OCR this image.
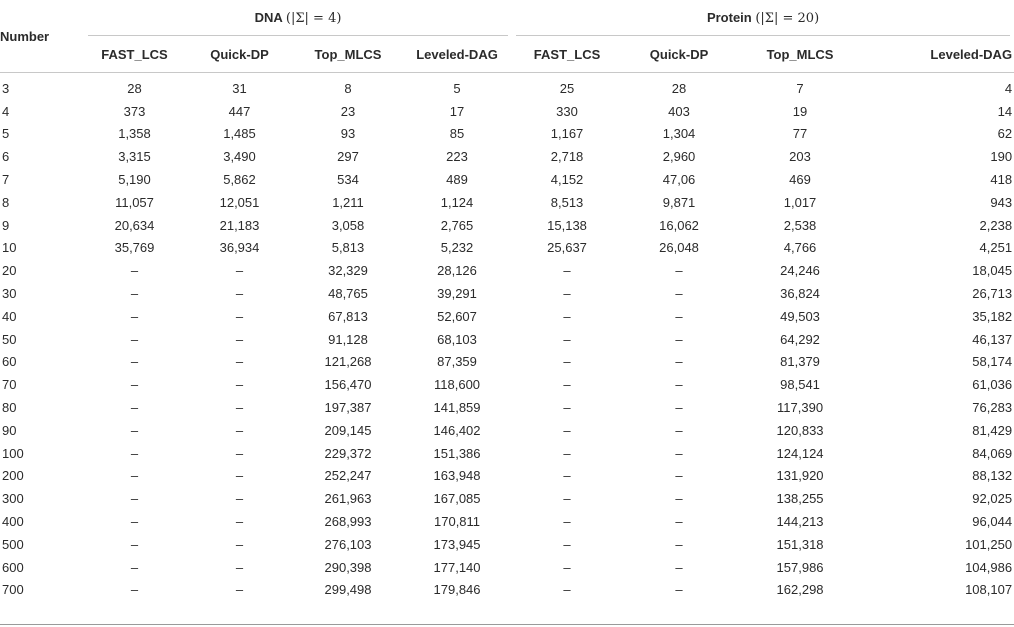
Number	DNA (|Σ| = 4)				Protein (|Σ| = 20)			

	FAST_LCS	Quick-DP	Top_MLCS	Leveled-DAG	FAST_LCS	Quick-DP	Top_MLCS	Leveled-DAG
3	28	31	8	5	25	28	7	4
4	373	447	23	17	330	403	19	14
5	1,358	1,485	93	85	1,167	1,304	77	62
6	3,315	3,490	297	223	2,718	2,960	203	190
7	5,190	5,862	534	489	4,152	47,06	469	418
8	11,057	12,051	1,211	1,124	8,513	9,871	1,017	943
9	20,634	21,183	3,058	2,765	15,138	16,062	2,538	2,238
10	35,769	36,934	5,813	5,232	25,637	26,048	4,766	4,251
20	–	–	32,329	28,126	–	–	24,246	18,045
30	–	–	48,765	39,291	–	–	36,824	26,713
40	–	–	67,813	52,607	–	–	49,503	35,182
50	–	–	91,128	68,103	–	–	64,292	46,137
60	–	–	121,268	87,359	–	–	81,379	58,174
70	–	–	156,470	118,600	–	–	98,541	61,036
80	–	–	197,387	141,859	–	–	117,390	76,283
90	–	–	209,145	146,402	–	–	120,833	81,429
100	–	–	229,372	151,386	–	–	124,124	84,069
200	–	–	252,247	163,948	–	–	131,920	88,132
300	–	–	261,963	167,085	–	–	138,255	92,025
400	–	–	268,993	170,811	–	–	144,213	96,044
500	–	–	276,103	173,945	–	–	151,318	101,250
600	–	–	290,398	177,140	–	–	157,986	104,986
700	–	–	299,498	179,846	–	–	162,298	108,107
